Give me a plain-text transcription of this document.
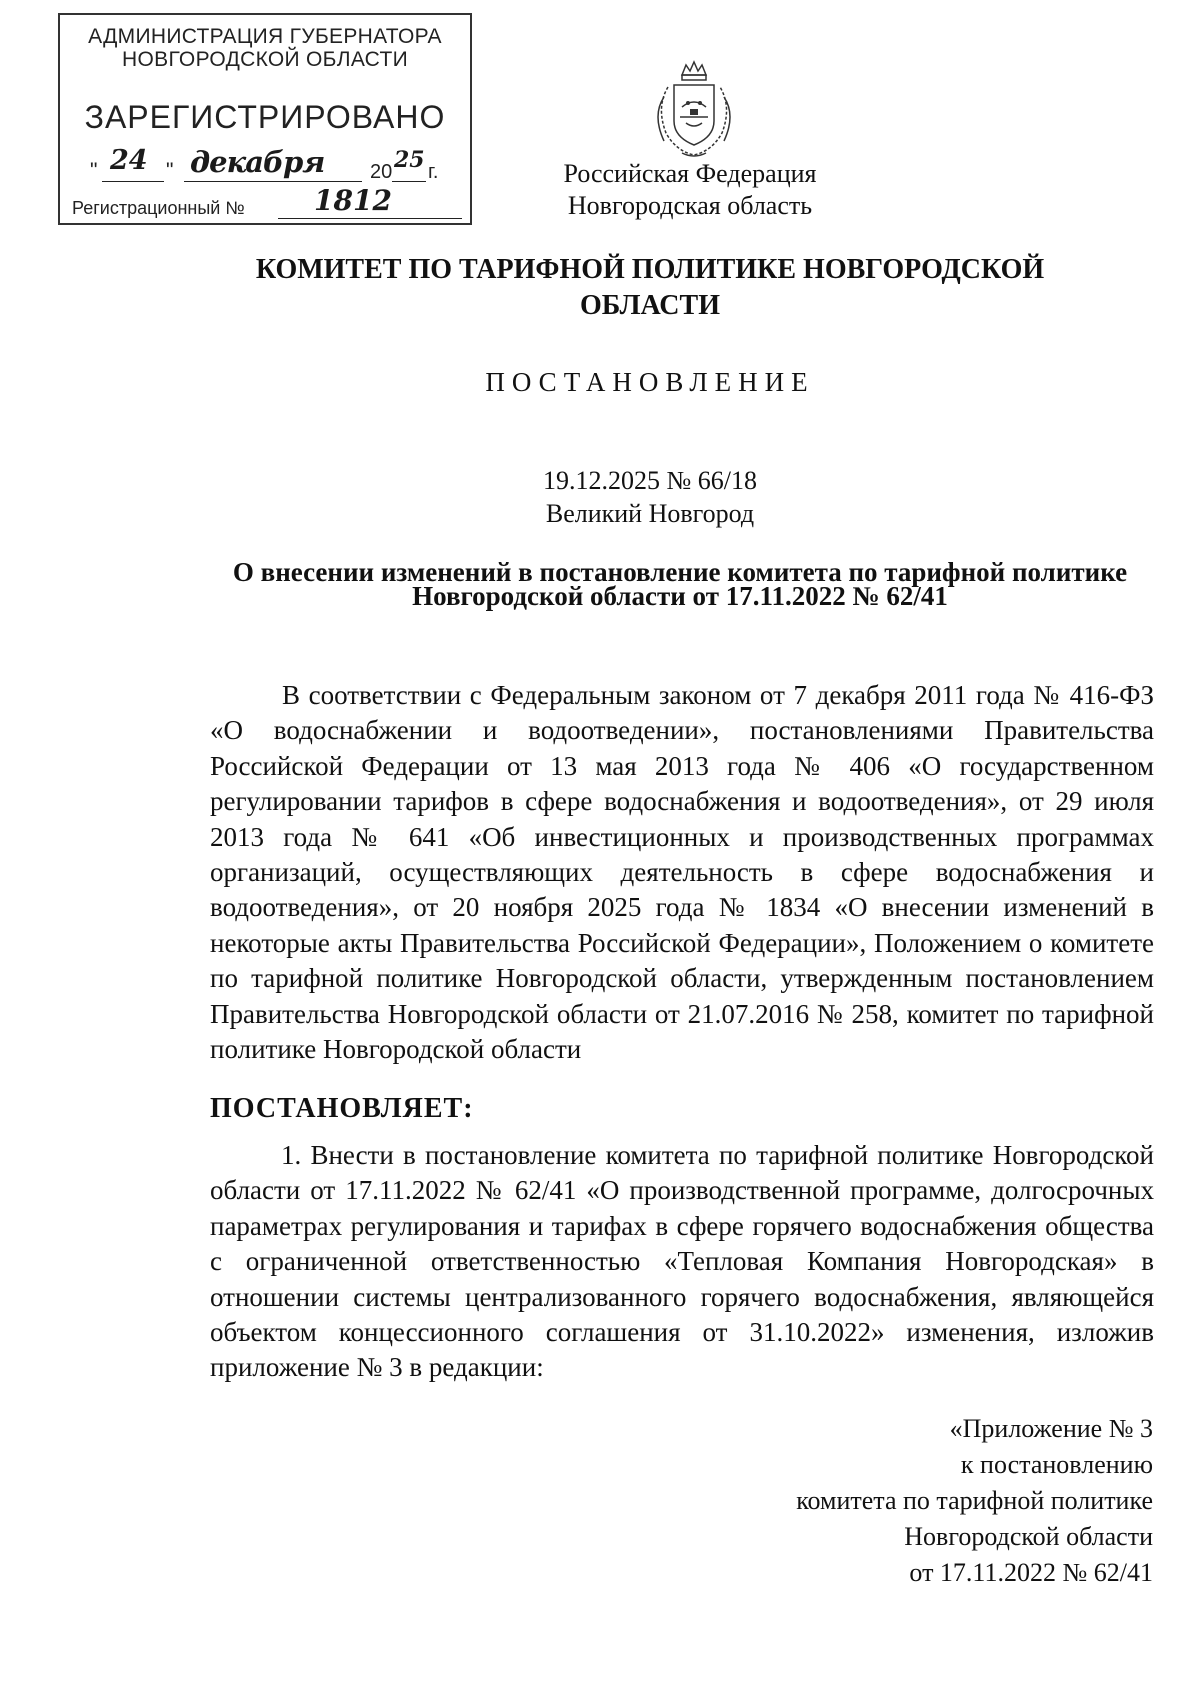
АДМИНИСТРАЦИЯ ГУБЕРНАТОРА
НОВГОРОДСКОЙ ОБЛАСТИ
ЗАРЕГИСТРИРОВАНО
" 24 " декабря 20 25 г.
Регистрационный № 1812
Российская Федерация
Новгородская область
КОМИТЕТ ПО ТАРИФНОЙ ПОЛИТИКЕ НОВГОРОДСКОЙ
ОБЛАСТИ
ПОСТАНОВЛЕНИЕ
19.12.2025 № 66/18
Великий Новгород
О внесении изменений в постановление комитета по тарифной политике
Новгородской области от 17.11.2022 № 62/41

В соответствии с Федеральным законом от 7 декабря 2011 года № 416-ФЗ «О водоснабжении и водоотведении», постановлениями Правительства Российской Федерации от 13 мая 2013 года № 406 «О государственном регулировании тарифов в сфере водоснабжения и водоотведения», от 29 июля 2013 года № 641 «Об инвестиционных и производственных программах организаций, осуществляющих деятельность в сфере водоснабжения и водоотведения», от 20 ноября 2025 года № 1834 «О внесении изменений в некоторые акты Правительства Российской Федерации», Положением о комитете по тарифной политике Новгородской области, утвержденным постановлением Правительства Новгородской области от 21.07.2016 № 258, комитет по тарифной политике Новгородской области

ПОСТАНОВЛЯЕТ:

1. Внести в постановление комитета по тарифной политике Новгородской области от 17.11.2022 № 62/41 «О производственной программе, долгосрочных параметрах регулирования и тарифах в сфере горячего водоснабжения общества с ограниченной ответственностью «Тепловая Компания Новгородская» в отношении системы централизованного горячего водоснабжения, являющейся объектом концессионного соглашения от 31.10.2022» изменения, изложив приложение № 3 в редакции:

«Приложение № 3
к постановлению
комитета по тарифной политике
Новгородской области
от 17.11.2022 № 62/41
